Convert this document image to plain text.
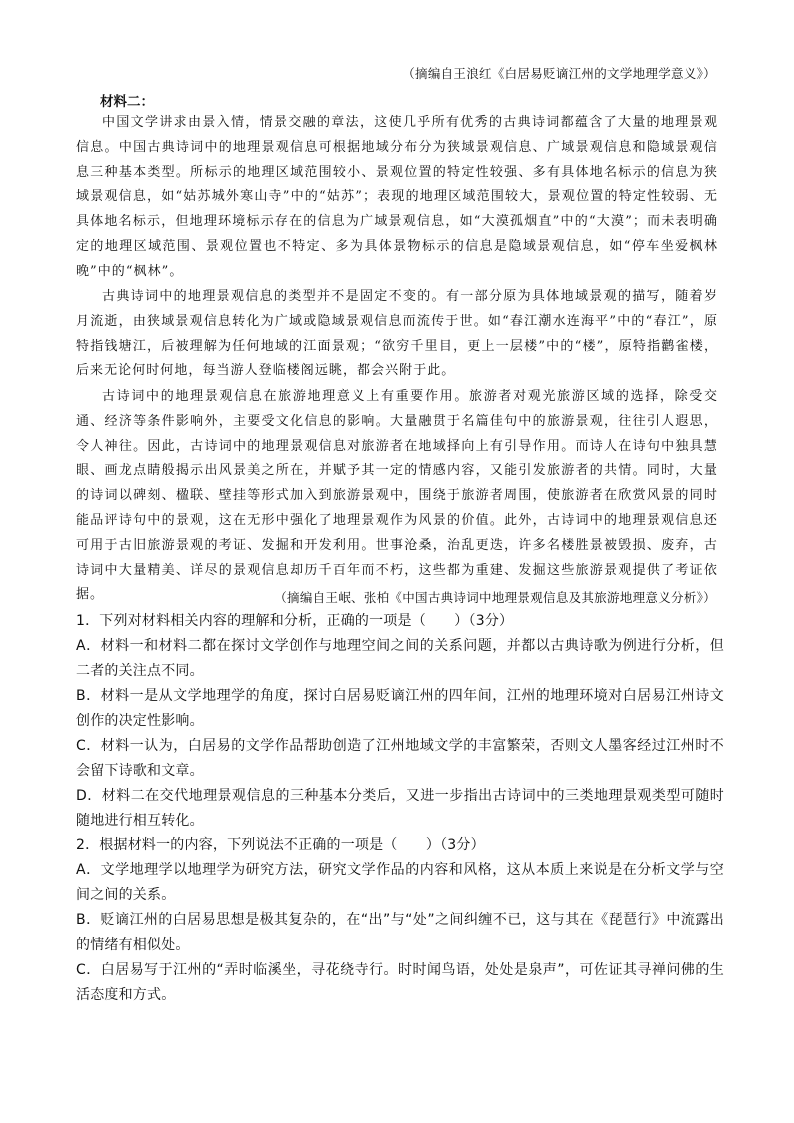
（摘编自王浪红《白居易贬谪江州的文学地理学意义》）
材料二：

中国文学讲求由景入情，情景交融的章法，这使几乎所有优秀的古典诗词都蕴含了大量的地理景观信息。中国古典诗词中的地理景观信息可根据地域分布分为狭域景观信息、广域景观信息和隐域景观信息三种基本类型。所标示的地理区域范围较小、景观位置的特定性较强、多有具体地名标示的信息为狭域景观信息，如“姑苏城外寒山寺”中的“姑苏”；表现的地理区域范围较大，景观位置的特定性较弱、无具体地名标示，但地理环境标示存在的信息为广域景观信息，如“大漠孤烟直”中的“大漠”；而未表明确定的地理区域范围、景观位置也不特定、多为具体景物标示的信息是隐域景观信息，如“停车坐爱枫林晚”中的“枫林”。

古典诗词中的地理景观信息的类型并不是固定不变的。有一部分原为具体地域景观的描写，随着岁月流逝，由狭域景观信息转化为广域或隐域景观信息而流传于世。如“春江潮水连海平”中的“春江”，原特指钱塘江，后被理解为任何地域的江面景观；“欲穷千里目，更上一层楼”中的“楼”，原特指鹳雀楼，后来无论何时何地，每当游人登临楼阁远眺，都会兴附于此。

古诗词中的地理景观信息在旅游地理意义上有重要作用。旅游者对观光旅游区域的选择，除受交通、经济等条件影响外，主要受文化信息的影响。大量融贯于名篇佳句中的旅游景观，往往引人遐思，令人神往。因此，古诗词中的地理景观信息对旅游者在地域择向上有引导作用。而诗人在诗句中独具慧眼、画龙点睛般揭示出风景美之所在，并赋予其一定的情感内容，又能引发旅游者的共情。同时，大量的诗词以碑刻、楹联、壁挂等形式加入到旅游景观中，围绕于旅游者周围，使旅游者在欣赏风景的同时能品评诗句中的景观，这在无形中强化了地理景观作为风景的价值。此外，古诗词中的地理景观信息还可用于古旧旅游景观的考证、发掘和开发利用。世事沧桑，治乱更迭，许多名楼胜景被毁损、废弃，古诗词中大量精美、详尽的景观信息却历千百年而不朽，这些都为重建、发掘这些旅游景观提供了考证依据。	（摘编自王岷、张柏《中国古典诗词中地理景观信息及其旅游地理意义分析》）
1．下列对材料相关内容的理解和分析，正确的一项是（　　）（3分）

A．材料一和材料二都在探讨文学创作与地理空间之间的关系问题，并都以古典诗歌为例进行分析，但二者的关注点不同。

B．材料一是从文学地理学的角度，探讨白居易贬谪江州的四年间，江州的地理环境对白居易江州诗文创作的决定性影响。

C．材料一认为，白居易的文学作品帮助创造了江州地域文学的丰富繁荣，否则文人墨客经过江州时不会留下诗歌和文章。

D．材料二在交代地理景观信息的三种基本分类后，又进一步指出古诗词中的三类地理景观类型可随时随地进行相互转化。

2．根据材料一的内容，下列说法不正确的一项是（　　）（3分）

A．文学地理学以地理学为研究方法，研究文学作品的内容和风格，这从本质上来说是在分析文学与空间之间的关系。

B．贬谪江州的白居易思想是极其复杂的，在“出”与“处”之间纠缠不已，这与其在《琵琶行》中流露出的情绪有相似处。

C．白居易写于江州的“弄时临溪坐，寻花绕寺行。时时闻鸟语，处处是泉声”，可佐证其寻禅问佛的生活态度和方式。
